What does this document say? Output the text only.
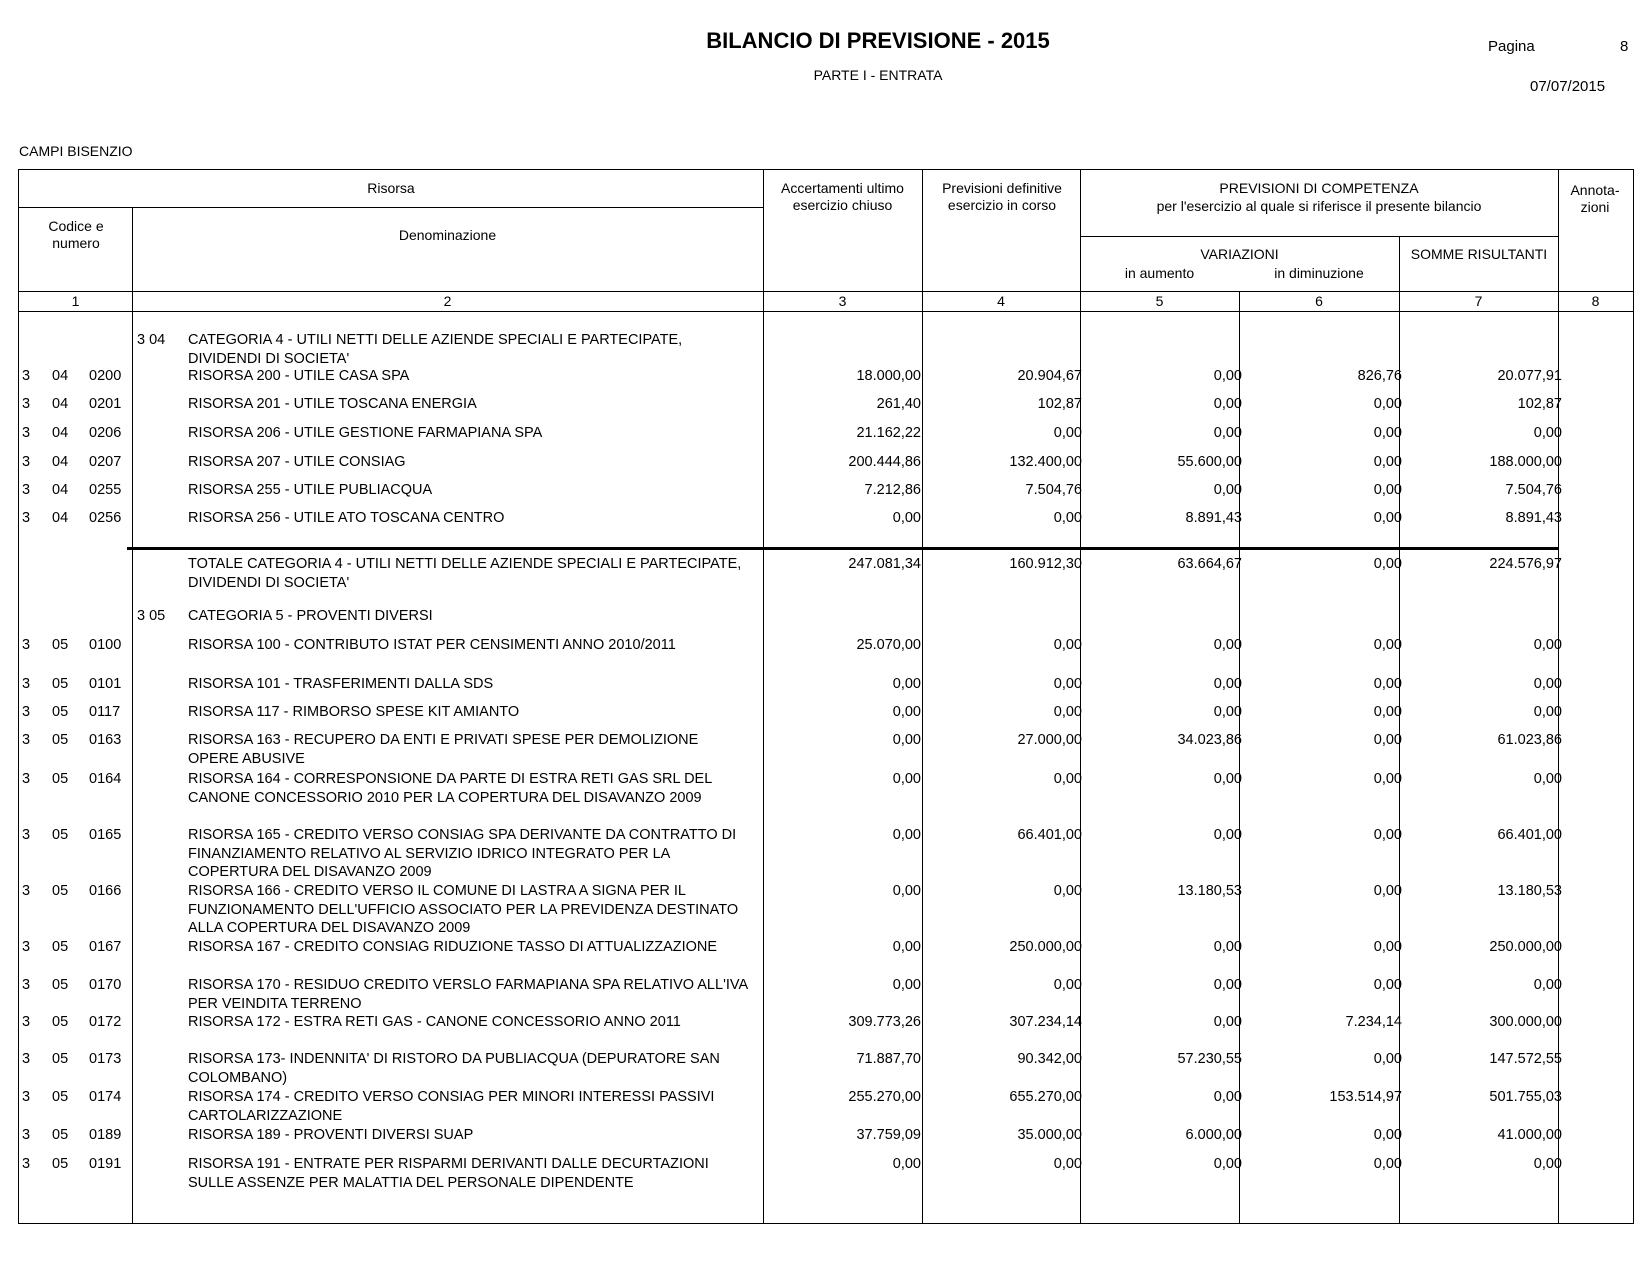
BILANCIO DI PREVISIONE - 2015
PARTE I - ENTRATA
Pagina	8
07/07/2015
CAMPI BISENZIO
Risorsa
Codice e numero	Denominazione
Accertamenti ultimo esercizio chiuso
Previsioni definitive esercizio in corso
PREVISIONI DI COMPETENZA
per l'esercizio al quale si riferisce il presente bilancio
VARIAZIONI
in aumento	in diminuzione
SOMME RISULTANTI
Annota- zioni
1	2	3	4	5	6	7	8
3 04 CATEGORIA 4 - UTILI NETTI DELLE AZIENDE SPECIALI E PARTECIPATE, DIVIDENDI DI SOCIETA'
3 04 0200	RISORSA 200 - UTILE CASA SPA	18.000,00	20.904,67	0,00	826,76	20.077,91
3 04 0201	RISORSA 201 - UTILE TOSCANA ENERGIA	261,40	102,87	0,00	0,00	102,87
3 04 0206	RISORSA 206 - UTILE GESTIONE FARMAPIANA SPA	21.162,22	0,00	0,00	0,00	0,00
3 04 0207	RISORSA 207 - UTILE CONSIAG	200.444,86	132.400,00	55.600,00	0,00	188.000,00
3 04 0255	RISORSA 255 - UTILE PUBLIACQUA	7.212,86	7.504,76	0,00	0,00	7.504,76
3 04 0256	RISORSA 256 - UTILE ATO TOSCANA CENTRO	0,00	0,00	8.891,43	0,00	8.891,43
TOTALE CATEGORIA 4 - UTILI NETTI DELLE AZIENDE SPECIALI E PARTECIPATE, DIVIDENDI DI SOCIETA'
247.081,34	160.912,30	63.664,67	0,00	224.576,97
3 05 CATEGORIA 5 - PROVENTI DIVERSI
3 05 0100	RISORSA 100 - CONTRIBUTO ISTAT PER CENSIMENTI ANNO 2010/2011	25.070,00	0,00	0,00	0,00	0,00
3 05 0101	RISORSA 101 - TRASFERIMENTI DALLA SDS	0,00	0,00	0,00	0,00	0,00
3 05 0117	RISORSA 117 - RIMBORSO SPESE KIT AMIANTO	0,00	0,00	0,00	0,00	0,00
3 05 0163	RISORSA 163 - RECUPERO DA ENTI E PRIVATI SPESE PER DEMOLIZIONE OPERE ABUSIVE
0,00	27.000,00	34.023,86	0,00	61.023,86
3 05 0164	RISORSA 164 - CORRESPONSIONE DA PARTE DI ESTRA RETI GAS SRL DEL CANONE CONCESSORIO 2010 PER LA COPERTURA DEL DISAVANZO 2009
0,00	0,00	0,00	0,00	0,00
3 05 0165	RISORSA 165 - CREDITO VERSO CONSIAG SPA DERIVANTE DA CONTRATTO DI FINANZIAMENTO RELATIVO AL SERVIZIO IDRICO INTEGRATO PER LA COPERTURA DEL DISAVANZO 2009
0,00	66.401,00	0,00	0,00	66.401,00
3 05 0166	RISORSA 166 - CREDITO VERSO IL COMUNE DI LASTRA A SIGNA PER IL FUNZIONAMENTO DELL'UFFICIO ASSOCIATO PER LA PREVIDENZA DESTINATO ALLA COPERTURA DEL DISAVANZO 2009
0,00	0,00	13.180,53	0,00	13.180,53
3 05 0167	RISORSA 167 - CREDITO CONSIAG RIDUZIONE TASSO DI ATTUALIZZAZIONE	0,00	250.000,00	0,00	0,00	250.000,00
3 05 0170	RISORSA 170 - RESIDUO CREDITO VERSLO FARMAPIANA SPA RELATIVO ALL'IVA PER VEINDITA TERRENO
0,00	0,00	0,00	0,00	0,00
3 05 0172	RISORSA 172 - ESTRA RETI GAS - CANONE CONCESSORIO ANNO 2011	309.773,26	307.234,14	0,00	7.234,14	300.000,00
3 05 0173	RISORSA 173- INDENNITA' DI RISTORO DA PUBLIACQUA (DEPURATORE SAN COLOMBANO)
71.887,70	90.342,00	57.230,55	0,00	147.572,55
3 05 0174	RISORSA 174 - CREDITO VERSO CONSIAG PER MINORI INTERESSI PASSIVI CARTOLARIZZAZIONE
255.270,00	655.270,00	0,00	153.514,97	501.755,03
3 05 0189	RISORSA 189 - PROVENTI DIVERSI SUAP	37.759,09	35.000,00	6.000,00	0,00	41.000,00
3 05 0191	RISORSA 191 - ENTRATE PER RISPARMI DERIVANTI DALLE DECURTAZIONI SULLE ASSENZE PER MALATTIA DEL PERSONALE DIPENDENTE
0,00	0,00	0,00	0,00	0,00
